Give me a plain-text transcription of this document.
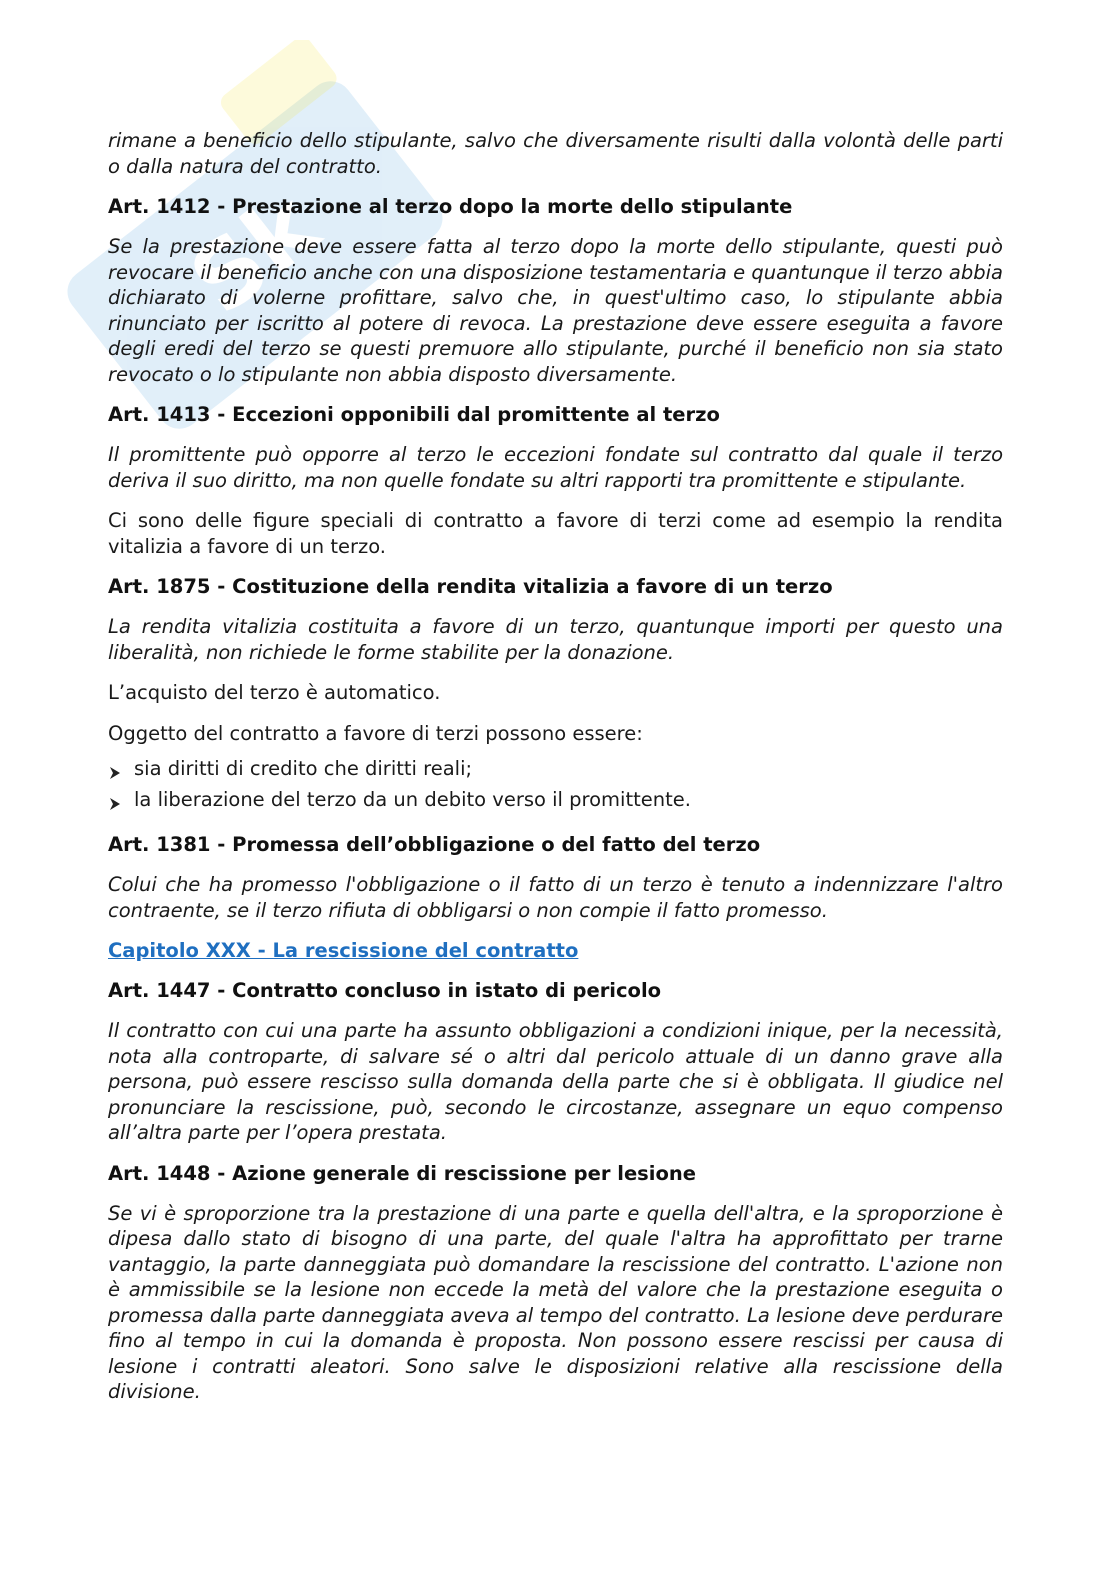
Sk

rimane a beneficio dello stipulante, salvo che diversamente risulti dalla volontà delle parti o dalla natura del contratto.

Art. 1412 - Prestazione al terzo dopo la morte dello stipulante

Se la prestazione deve essere fatta al terzo dopo la morte dello stipulante, questi può revocare il beneficio anche con una disposizione testamentaria e quantunque il terzo abbia dichiarato di volerne profittare, salvo che, in quest'ultimo caso, lo stipulante abbia rinunciato per iscritto al potere di revoca. La prestazione deve essere eseguita a favore degli eredi del terzo se questi premuore allo stipulante, purché il beneficio non sia stato revocato o lo stipulante non abbia disposto diversamente.

Art. 1413 - Eccezioni opponibili dal promittente al terzo

Il promittente può opporre al terzo le eccezioni fondate sul contratto dal quale il terzo deriva il suo diritto, ma non quelle fondate su altri rapporti tra promittente e stipulante.

Ci sono delle figure speciali di contratto a favore di terzi come ad esempio la rendita vitalizia a favore di un terzo.

Art. 1875 - Costituzione della rendita vitalizia a favore di un terzo

La rendita vitalizia costituita a favore di un terzo, quantunque importi per questo una liberalità, non richiede le forme stabilite per la donazione.

L’acquisto del terzo è automatico.

Oggetto del contratto a favore di terzi possono essere:

sia diritti di credito che diritti reali;
la liberazione del terzo da un debito verso il promittente.
Art. 1381 - Promessa dell’obbligazione o del fatto del terzo

Colui che ha promesso l'obbligazione o il fatto di un terzo è tenuto a indennizzare l'altro contraente, se il terzo rifiuta di obbligarsi o non compie il fatto promesso.

Capitolo XXX - La rescissione del contratto
Art. 1447 - Contratto concluso in istato di pericolo

Il contratto con cui una parte ha assunto obbligazioni a condizioni inique, per la necessità, nota alla controparte, di salvare sé o altri dal pericolo attuale di un danno grave alla persona, può essere rescisso sulla domanda della parte che si è obbligata. Il giudice nel pronunciare la rescissione, può, secondo le circostanze, assegnare un equo compenso all’altra parte per l’opera prestata.

Art. 1448 - Azione generale di rescissione per lesione

Se vi è sproporzione tra la prestazione di una parte e quella dell'altra, e la sproporzione è dipesa dallo stato di bisogno di una parte, del quale l'altra ha approfittato per trarne vantaggio, la parte danneggiata può domandare la rescissione del contratto. L'azione non è ammissibile se la lesione non eccede la metà del valore che la prestazione eseguita o promessa dalla parte danneggiata aveva al tempo del contratto. La lesione deve perdurare fino al tempo in cui la domanda è proposta. Non possono essere rescissi per causa di lesione i contratti aleatori. Sono salve le disposizioni relative alla rescissione della divisione.
